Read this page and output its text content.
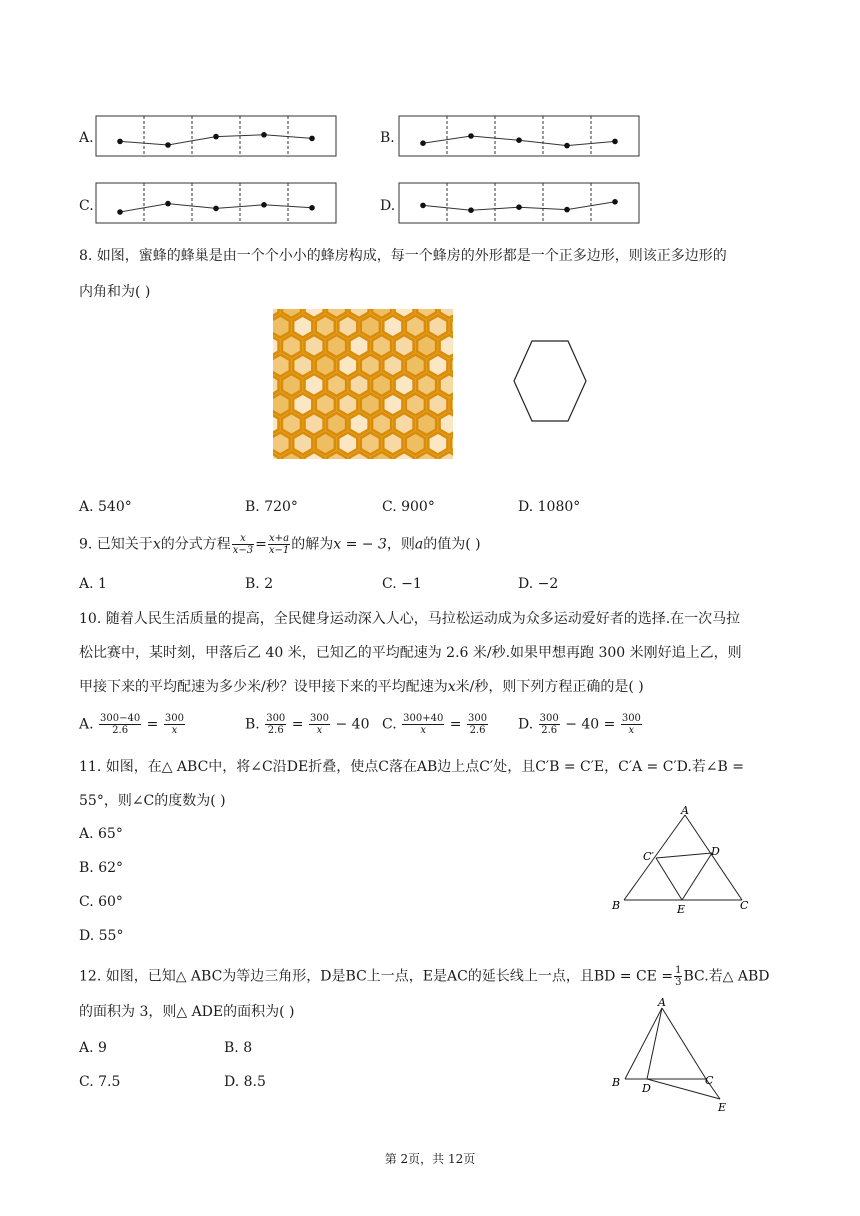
A.	B.
C.	D.
8. 如图，蜜蜂的蜂巢是由一个个小小的蜂房构成，每一个蜂房的外形都是一个正多边形，则该正多边形的
内角和为( )
A. 540°	B. 720°	C. 900°	D. 1080°
9. 已知关于x的分式方程 $\frac{x}{x-3} = \frac{x+a}{x-1}$ 的解为x = − 3，则a的值为( )
A. 1	B. 2	C. −1	D. −2
10. 随着人民生活质量的提高，全民健身运动深入人心，马拉松运动成为众多运动爱好者的选择.在一次马拉
松比赛中，某时刻，甲落后乙 40 米，已知乙的平均配速为 2.6 米/秒.如果甲想再跑 300 米刚好追上乙，则
甲接下来的平均配速为多少米/秒？设甲接下来的平均配速为x米/秒，则下列方程正确的是( )
A. $\frac{300-40}{2.6} = \frac{300}{x}$	B. $\frac{300}{2.6} = \frac{300}{x} - 40$ C. $\frac{300+40}{x} = \frac{300}{2.6} D$. $\frac{300}{2.6} - 40 = \frac{300}{x}$
11. 如图，在△ ABC中，将∠C沿DE折叠，使点C落在AB边上点C′处，且C′B = C′E，C′A = C′D.若∠B =
55°，则∠C的度数为( )
A. 65°
B. 62°
C. 60°
D. 55°
A
B	C
D
E
C′
12. 如图，已知△ ABC为等边三角形，D是BC上一点，E是AC的延长线上一点，且BD = CE = $\frac{1}{3}$ BC.若△ ABD
的面积为 3，则△ ADE的面积为( )
A. 9	B. 8
C. 7.5	D. 8.5
A
B	C
D
E
第 2页，共 12页
